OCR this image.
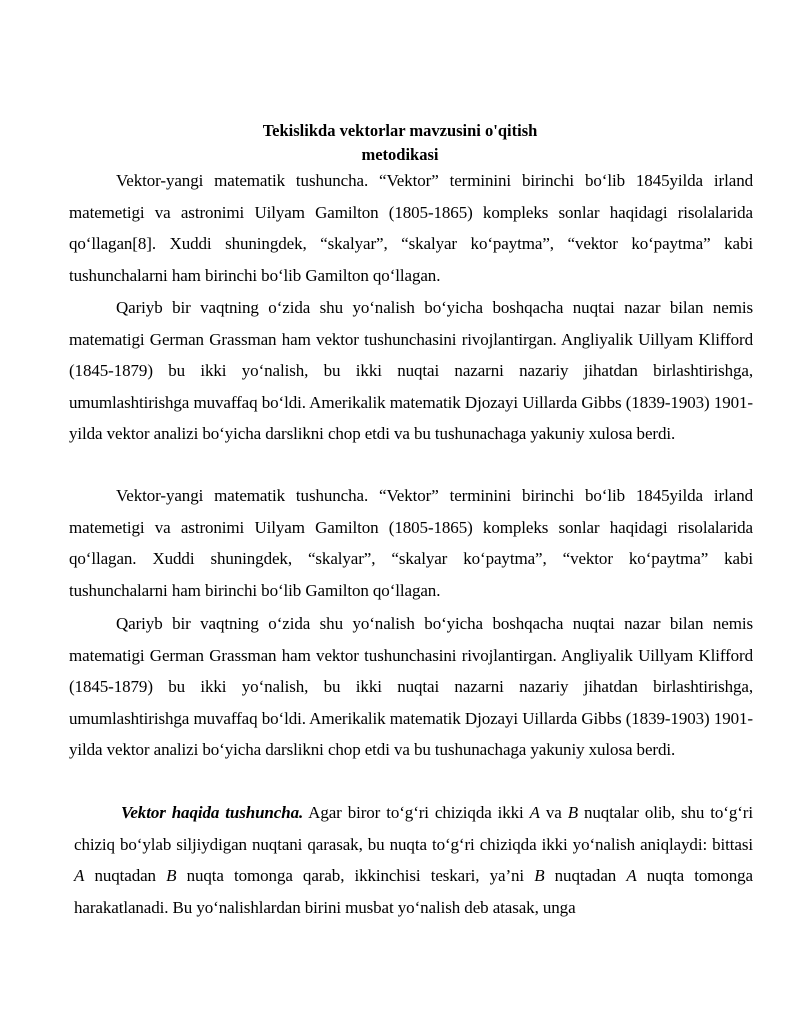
Tekislikda vektorlar mavzusini o'qitish
metodikasi

Vektor-yangi matematik tushuncha. “Vektor” terminini birinchi bo‘lib 1845yilda irland matemetigi va astronimi Uilyam Gamilton (1805-1865) kompleks sonlar haqidagi risolalarida qo‘llagan[8]. Xuddi shuningdek, “skalyar”, “skalyar ko‘paytma”, “vektor ko‘paytma” kabi tushunchalarni ham birinchi bo‘lib Gamilton qo‘llagan.

Qariyb bir vaqtning o‘zida shu yo‘nalish bo‘yicha boshqacha nuqtai nazar bilan nemis matematigi German Grassman ham vektor tushunchasini rivojlantirgan. Angliyalik Uillyam Klifford (1845-1879) bu ikki yo‘nalish, bu ikki nuqtai nazarni nazariy jihatdan birlashtirishga, umumlashtirishga muvaffaq bo‘ldi. Amerikalik matematik Djozayi Uillarda Gibbs (1839-1903) 1901-yilda vektor analizi bo‘yicha darslikni chop etdi va bu tushunachaga yakuniy xulosa berdi.

Vektor-yangi matematik tushuncha. “Vektor” terminini birinchi bo‘lib 1845yilda irland matemetigi va astronimi Uilyam Gamilton (1805-1865) kompleks sonlar haqidagi risolalarida qo‘llagan. Xuddi shuningdek, “skalyar”, “skalyar ko‘paytma”, “vektor ko‘paytma” kabi tushunchalarni ham birinchi bo‘lib Gamilton qo‘llagan.

Qariyb bir vaqtning o‘zida shu yo‘nalish bo‘yicha boshqacha nuqtai nazar bilan nemis matematigi German Grassman ham vektor tushunchasini rivojlantirgan. Angliyalik Uillyam Klifford (1845-1879) bu ikki yo‘nalish, bu ikki nuqtai nazarni nazariy jihatdan birlashtirishga, umumlashtirishga muvaffaq bo‘ldi. Amerikalik matematik Djozayi Uillarda Gibbs (1839-1903) 1901-yilda vektor analizi bo‘yicha darslikni chop etdi va bu tushunachaga yakuniy xulosa berdi.

Vektor haqida tushuncha. Agar biror to‘g‘ri chiziqda ikki A va B nuqtalar olib, shu to‘g‘ri chiziq bo‘ylab siljiydigan nuqtani qarasak, bu nuqta to‘g‘ri chiziqda ikki yo‘nalish aniqlaydi: bittasi A nuqtadan B nuqta tomonga qarab, ikkinchisi teskari, ya’ni B nuqtadan A nuqta tomonga harakatlanadi. Bu yo‘nalishlardan birini musbat yo‘nalish deb atasak, unga
